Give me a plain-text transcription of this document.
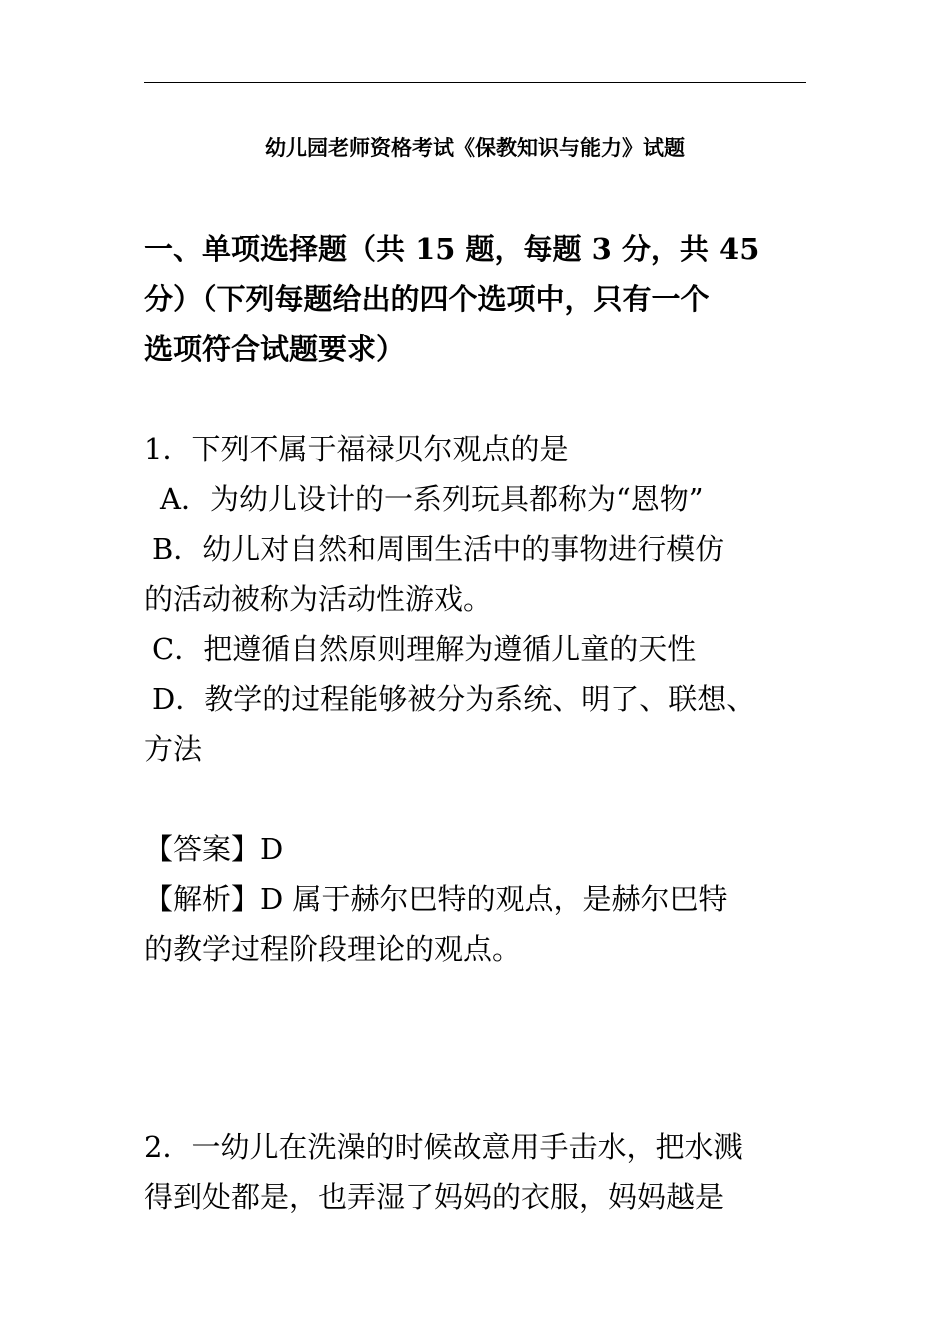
幼儿园老师资格考试《保教知识与能力》试题
一、单项选择题（共 15 题，每题 3 分，共 45
分）（下列每题给出的四个选项中，只有一个
选项符合试题要求）
1．下列不属于福禄贝尔观点的是
A．为幼儿设计的一系列玩具都称为“恩物”
B．幼儿对自然和周围生活中的事物进行模仿
的活动被称为活动性游戏。
C．把遵循自然原则理解为遵循儿童的天性
D．教学的过程能够被分为系统、明了、联想、
方法
【答案】D
【解析】D 属于赫尔巴特的观点，是赫尔巴特
的教学过程阶段理论的观点。
2．一幼儿在洗澡的时候故意用手击水，把水溅
得到处都是，也弄湿了妈妈的衣服，妈妈越是
